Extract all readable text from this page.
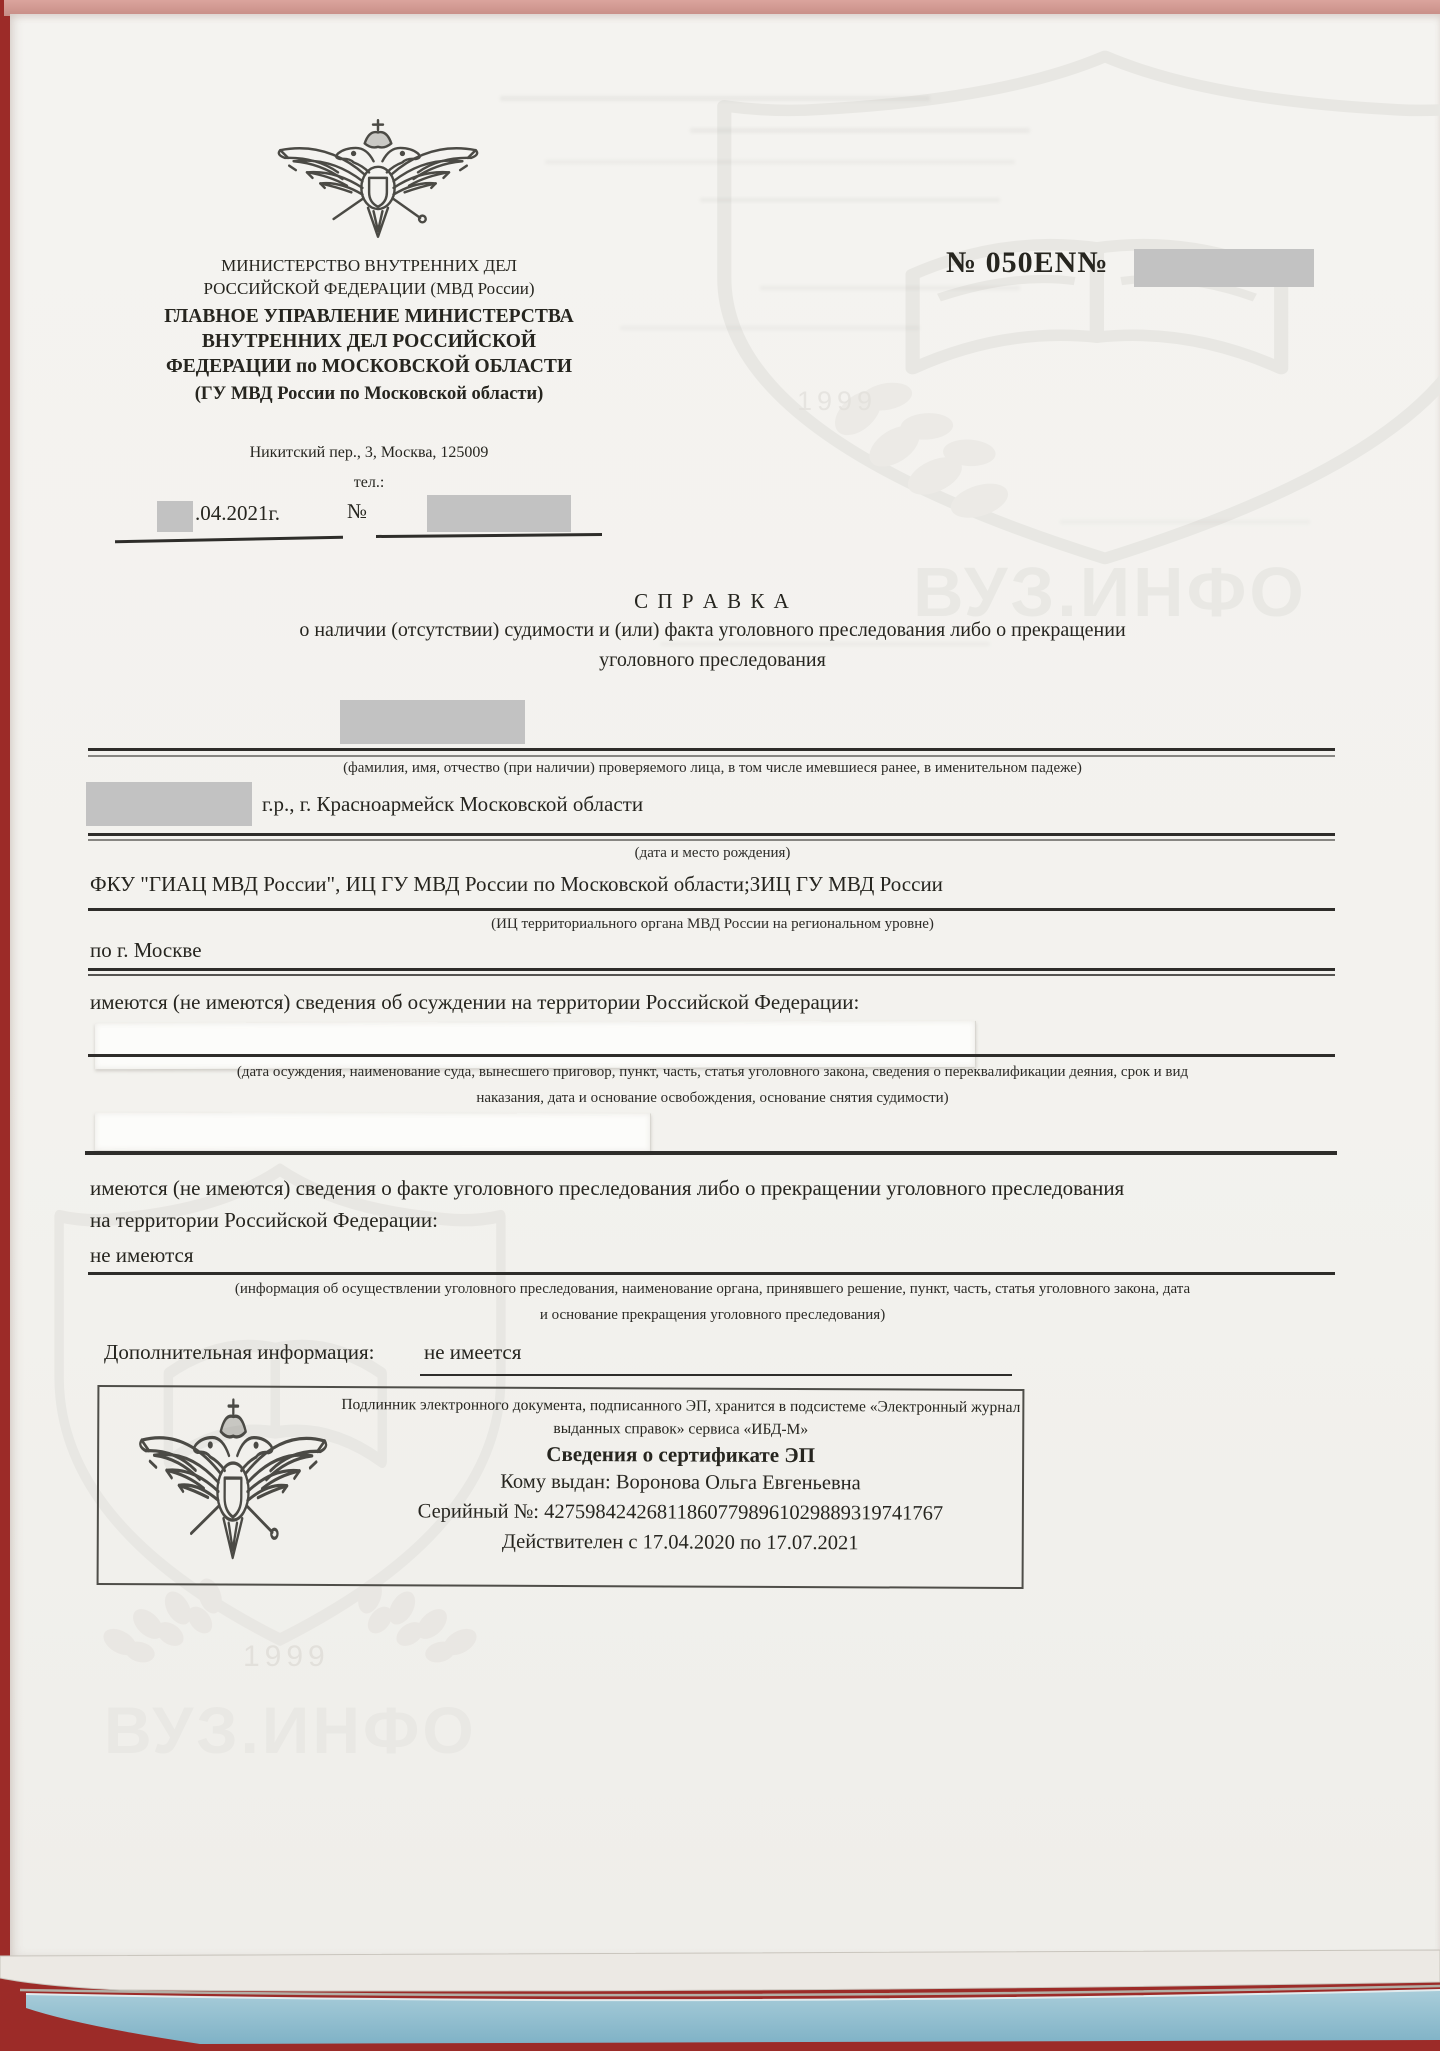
1999
ВУЗ.ИНФО
1999
ВУЗ.ИНФО
МИНИСТЕРСТВО ВНУТРЕННИХ ДЕЛ
РОССИЙСКОЙ ФЕДЕРАЦИИ (МВД России)
ГЛАВНОЕ УПРАВЛЕНИЕ МИНИСТЕРСТВА
ВНУТРЕННИХ ДЕЛ РОССИЙСКОЙ
ФЕДЕРАЦИИ по МОСКОВСКОЙ ОБЛАСТИ
(ГУ МВД России по Московской области)
Никитский пер., 3, Москва, 125009
тел.:
№ 050EN№
.04.2021г.	№
С П Р А В К А
о наличии (отсутствии) судимости и (или) факта уголовного преследования либо о прекращении
уголовного преследования
(фамилия, имя, отчество (при наличии) проверяемого лица, в том числе имевшиеся ранее, в именительном падеже)
г.р., г. Красноармейск Московской области
(дата и место рождения)
ФКУ "ГИАЦ МВД России", ИЦ ГУ МВД России по Московской области;ЗИЦ ГУ МВД России
(ИЦ территориального органа МВД России на региональном уровне)
по г. Москве
имеются (не имеются) сведения об осуждении на территории Российской Федерации:
(дата осуждения, наименование суда, вынесшего приговор, пункт, часть, статья уголовного закона, сведения о переквалификации деяния, срок и вид
наказания, дата и основание освобождения, основание снятия судимости)
имеются (не имеются) сведения о факте уголовного преследования либо о прекращении уголовного преследования
на территории Российской Федерации:
не имеются
(информация об осуществлении уголовного преследования, наименование органа, принявшего решение, пункт, часть, статья уголовного закона, дата
и основание прекращения уголовного преследования)
Дополнительная информация: не имеется
Подлинник электронного документа, подписанного ЭП, хранится в подсистеме «Электронный журнал
выданных справок» сервиса «ИБД-М»
Сведения о сертификате ЭП
Кому выдан: Воронова Ольга Евгеньевна
Серийный №: 427598424268118607798961029889319741767
Действителен с 17.04.2020 по 17.07.2021
